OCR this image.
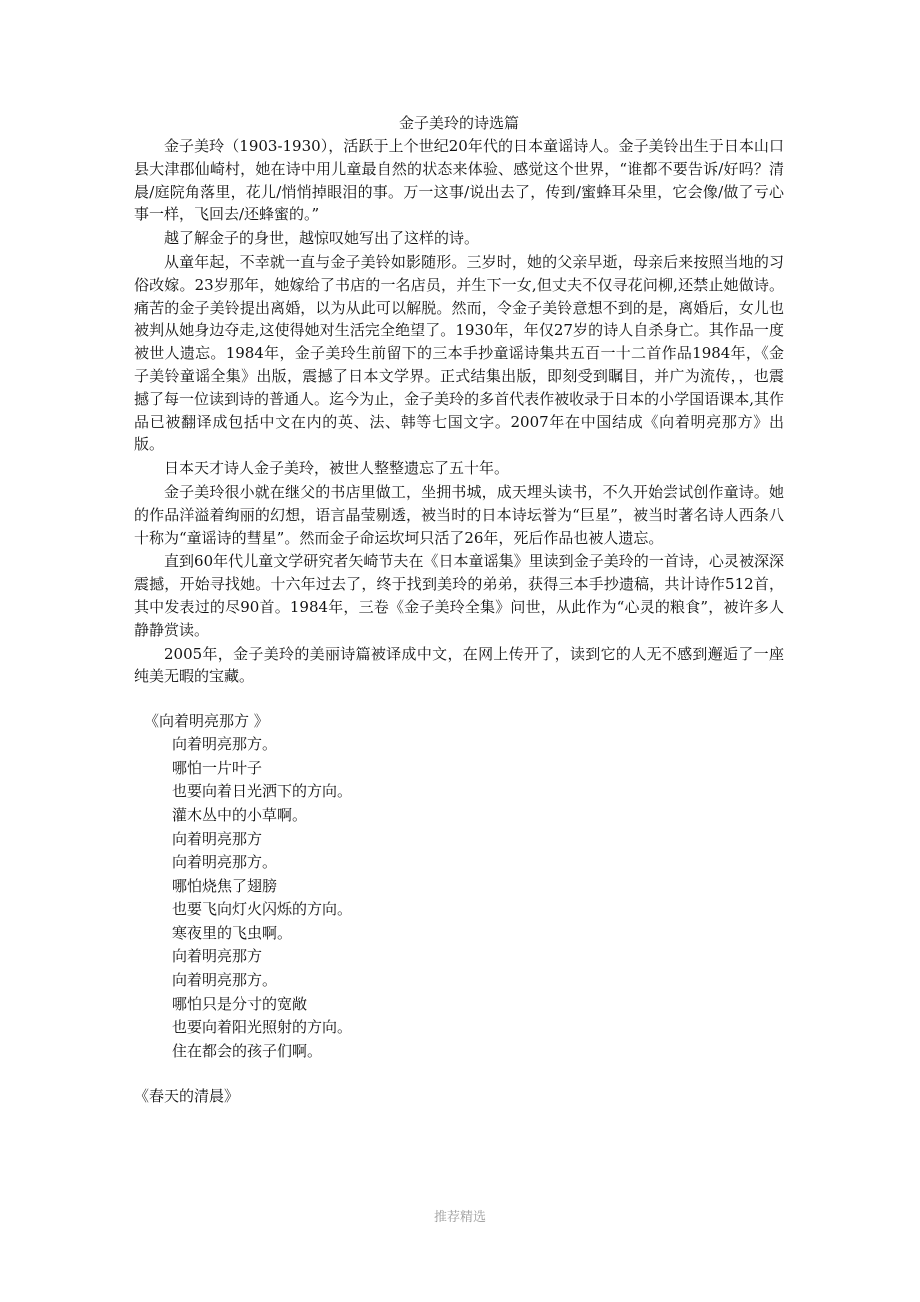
金子美玲的诗选篇

金子美玲（1903-1930），活跃于上个世纪20年代的日本童谣诗人。金子美铃出生于日本山口县大津郡仙崎村，她在诗中用儿童最自然的状态来体验、感觉这个世界，“谁都不要告诉/好吗？清晨/庭院角落里，花儿/悄悄掉眼泪的事。万一这事/说出去了，传到/蜜蜂耳朵里，它会像/做了亏心事一样，飞回去/还蜂蜜的。”

越了解金子的身世，越惊叹她写出了这样的诗。

从童年起，不幸就一直与金子美铃如影随形。三岁时，她的父亲早逝，母亲后来按照当地的习俗改嫁。23岁那年，她嫁给了书店的一名店员，并生下一女,但丈夫不仅寻花问柳,还禁止她做诗。痛苦的金子美铃提出离婚，以为从此可以解脱。然而，令金子美铃意想不到的是，离婚后，女儿也被判从她身边夺走,这使得她对生活完全绝望了。1930年，年仅27岁的诗人自杀身亡。其作品一度被世人遗忘。1984年，金子美玲生前留下的三本手抄童谣诗集共五百一十二首作品1984年，《金子美铃童谣全集》出版，震撼了日本文学界。正式结集出版，即刻受到瞩目，并广为流传，，也震撼了每一位读到诗的普通人。迄今为止，金子美玲的多首代表作被收录于日本的小学国语课本,其作品已被翻译成包括中文在内的英、法、韩等七国文字。2007年在中国结成《向着明亮那方》出版。

日本天才诗人金子美玲，被世人整整遗忘了五十年。

金子美玲很小就在继父的书店里做工，坐拥书城，成天埋头读书，不久开始尝试创作童诗。她的作品洋溢着绚丽的幻想，语言晶莹剔透，被当时的日本诗坛誉为“巨星”，被当时著名诗人西条八十称为“童谣诗的彗星”。然而金子命运坎坷只活了26年，死后作品也被人遗忘。

直到60年代儿童文学研究者矢崎节夫在《日本童谣集》里读到金子美玲的一首诗，心灵被深深震撼，开始寻找她。十六年过去了，终于找到美玲的弟弟，获得三本手抄遗稿，共计诗作512首，其中发表过的尽90首。1984年，三卷《金子美玲全集》问世，从此作为“心灵的粮食”，被许多人静静赏读。

2005年，金子美玲的美丽诗篇被译成中文，在网上传开了，读到它的人无不感到邂逅了一座纯美无暇的宝藏。

《向着明亮那方 》

向着明亮那方。

哪怕一片叶子

也要向着日光洒下的方向。

灌木丛中的小草啊。

向着明亮那方

向着明亮那方。

哪怕烧焦了翅膀

也要飞向灯火闪烁的方向。

寒夜里的飞虫啊。

向着明亮那方

向着明亮那方。

哪怕只是分寸的宽敞

也要向着阳光照射的方向。

住在都会的孩子们啊。

《春天的清晨》

推荐精选
